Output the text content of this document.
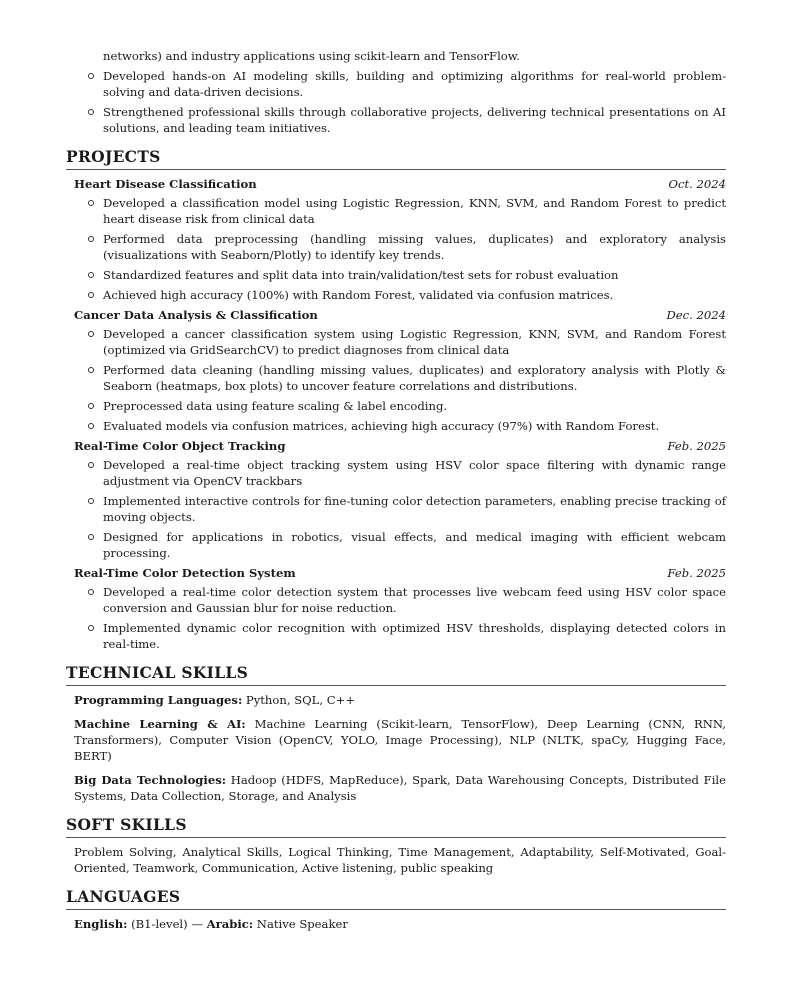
networks) and industry applications using scikit-learn and TensorFlow.
Developed hands-on AI modeling skills, building and optimizing algorithms for real-world problem-solving and data-driven decisions.
Strengthened professional skills through collaborative projects, delivering technical presentations on AI solutions, and leading team initiatives.
PROJECTS
Heart Disease Classification	Oct. 2024
Developed a classification model using Logistic Regression, KNN, SVM, and Random Forest to predict heart disease risk from clinical data
Performed data preprocessing (handling missing values, duplicates) and exploratory analysis (visualizations with Seaborn/Plotly) to identify key trends.
Standardized features and split data into train/validation/test sets for robust evaluation
Achieved high accuracy (100%) with Random Forest, validated via confusion matrices.
Cancer Data Analysis & Classification	Dec. 2024
Developed a cancer classification system using Logistic Regression, KNN, SVM, and Random Forest (optimized via GridSearchCV) to predict diagnoses from clinical data
Performed data cleaning (handling missing values, duplicates) and exploratory analysis with Plotly & Seaborn (heatmaps, box plots) to uncover feature correlations and distributions.
Preprocessed data using feature scaling & label encoding.
Evaluated models via confusion matrices, achieving high accuracy (97%) with Random Forest.
Real-Time Color Object Tracking	Feb. 2025
Developed a real-time object tracking system using HSV color space filtering with dynamic range adjustment via OpenCV trackbars
Implemented interactive controls for fine-tuning color detection parameters, enabling precise tracking of moving objects.
Designed for applications in robotics, visual effects, and medical imaging with efficient webcam processing.
Real-Time Color Detection System	Feb. 2025
Developed a real-time color detection system that processes live webcam feed using HSV color space conversion and Gaussian blur for noise reduction.
Implemented dynamic color recognition with optimized HSV thresholds, displaying detected colors in real-time.
TECHNICAL SKILLS
Programming Languages: Python, SQL, C++
Machine Learning & AI: Machine Learning (Scikit-learn, TensorFlow), Deep Learning (CNN, RNN, Transformers), Computer Vision (OpenCV, YOLO, Image Processing), NLP (NLTK, spaCy, Hugging Face, BERT)
Big Data Technologies: Hadoop (HDFS, MapReduce), Spark, Data Warehousing Concepts, Distributed File Systems, Data Collection, Storage, and Analysis
SOFT SKILLS
Problem Solving, Analytical Skills, Logical Thinking, Time Management, Adaptability, Self-Motivated, Goal-Oriented, Teamwork, Communication, Active listening, public speaking
LANGUAGES
English: (B1-level) — Arabic: Native Speaker
